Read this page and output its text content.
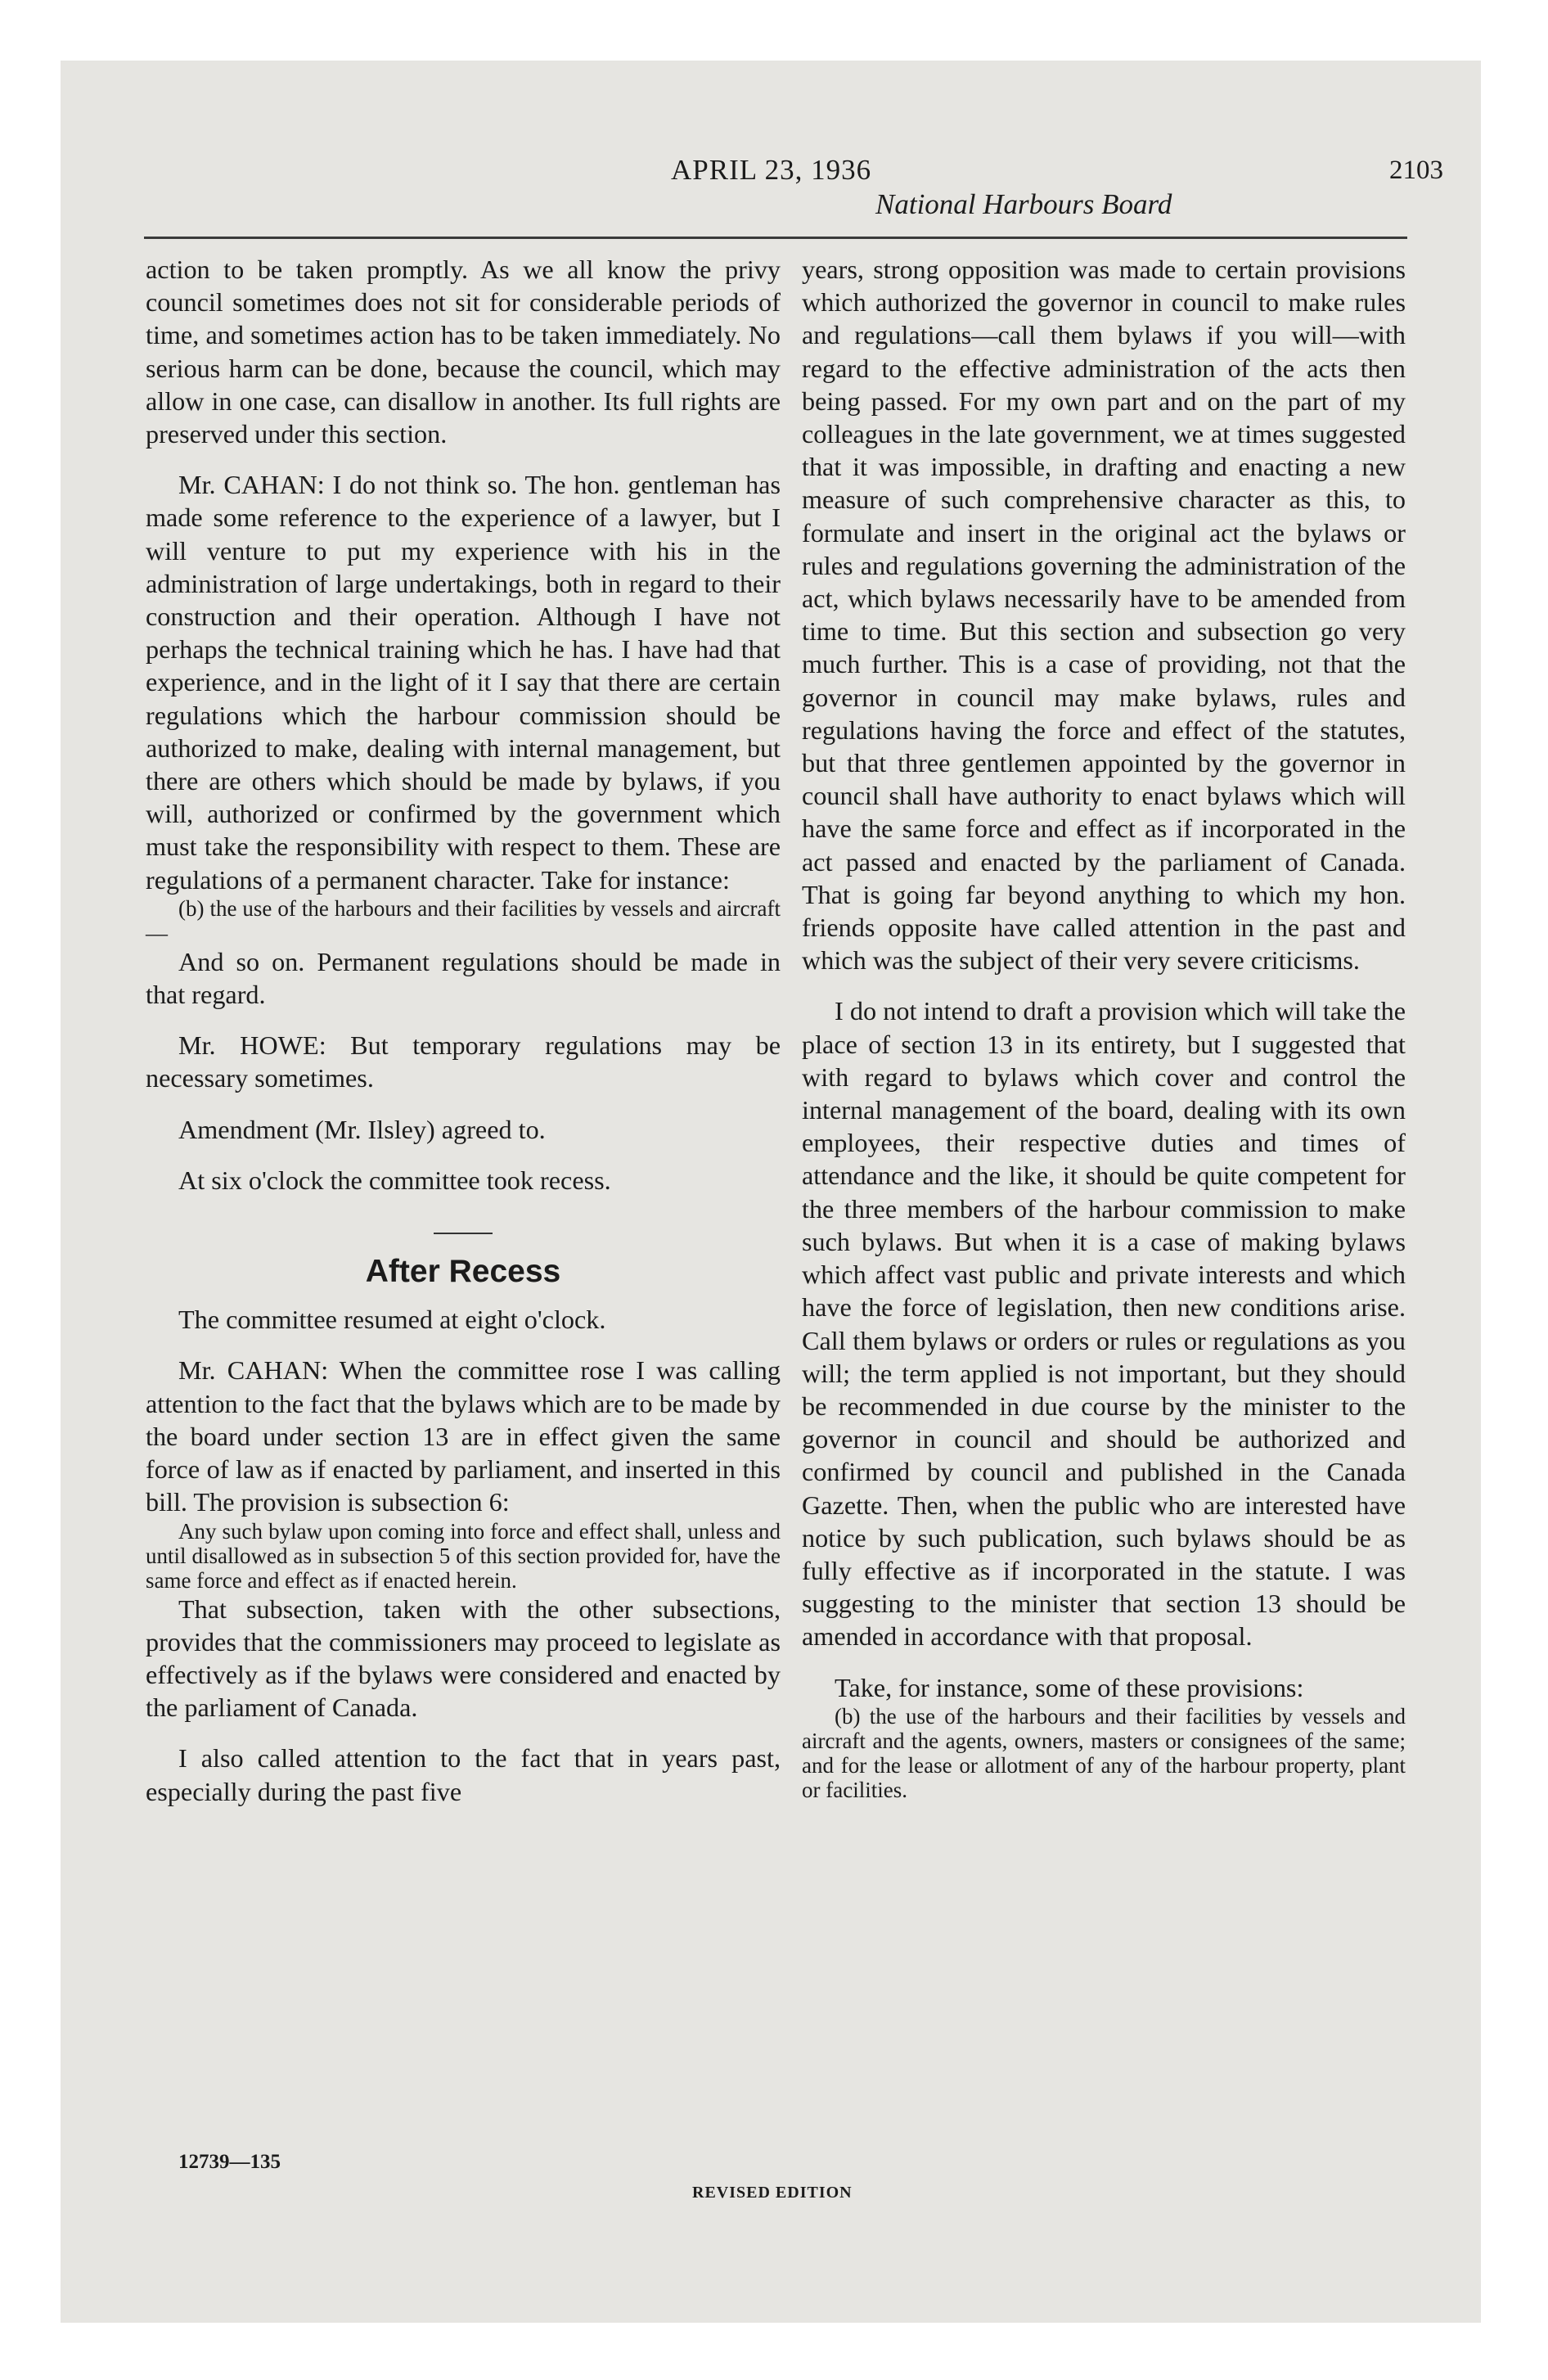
APRIL 23, 1936	2103
National Harbours Board

action to be taken promptly. As we all know the privy council sometimes does not sit for considerable periods of time, and sometimes action has to be taken immediately. No serious harm can be done, because the council, which may allow in one case, can disallow in another. Its full rights are preserved under this section.

Mr. CAHAN: I do not think so. The hon. gentleman has made some reference to the experience of a lawyer, but I will venture to put my experience with his in the administration of large undertakings, both in regard to their construction and their operation. Although I have not perhaps the technical training which he has. I have had that experience, and in the light of it I say that there are certain regulations which the harbour commission should be authorized to make, dealing with internal management, but there are others which should be made by bylaws, if you will, authorized or confirmed by the government which must take the responsibility with respect to them. These are regulations of a permanent character. Take for instance:

(b) the use of the harbours and their facilities by vessels and aircraft—

And so on. Permanent regulations should be made in that regard.

Mr. HOWE: But temporary regulations may be necessary sometimes.

Amendment (Mr. Ilsley) agreed to.

At six o'clock the committee took recess.

After Recess

The committee resumed at eight o'clock.

Mr. CAHAN: When the committee rose I was calling attention to the fact that the bylaws which are to be made by the board under section 13 are in effect given the same force of law as if enacted by parliament, and inserted in this bill. The provision is subsection 6:

Any such bylaw upon coming into force and effect shall, unless and until disallowed as in subsection 5 of this section provided for, have the same force and effect as if enacted herein.

That subsection, taken with the other subsections, provides that the commissioners may proceed to legislate as effectively as if the bylaws were considered and enacted by the parliament of Canada.

I also called attention to the fact that in years past, especially during the past five

years, strong opposition was made to certain provisions which authorized the governor in council to make rules and regulations—call them bylaws if you will—with regard to the effective administration of the acts then being passed. For my own part and on the part of my colleagues in the late government, we at times suggested that it was impossible, in drafting and enacting a new measure of such comprehensive character as this, to formulate and insert in the original act the bylaws or rules and regulations governing the administration of the act, which bylaws necessarily have to be amended from time to time. But this section and subsection go very much further. This is a case of providing, not that the governor in council may make bylaws, rules and regulations having the force and effect of the statutes, but that three gentlemen appointed by the governor in council shall have authority to enact bylaws which will have the same force and effect as if incorporated in the act passed and enacted by the parliament of Canada. That is going far beyond anything to which my hon. friends opposite have called attention in the past and which was the subject of their very severe criticisms.

I do not intend to draft a provision which will take the place of section 13 in its entirety, but I suggested that with regard to bylaws which cover and control the internal management of the board, dealing with its own employees, their respective duties and times of attendance and the like, it should be quite competent for the three members of the harbour commission to make such bylaws. But when it is a case of making bylaws which affect vast public and private interests and which have the force of legislation, then new conditions arise. Call them bylaws or orders or rules or regulations as you will; the term applied is not important, but they should be recommended in due course by the minister to the governor in council and should be authorized and confirmed by council and published in the Canada Gazette. Then, when the public who are interested have notice by such publication, such bylaws should be as fully effective as if incorporated in the statute. I was suggesting to the minister that section 13 should be amended in accordance with that proposal.

Take, for instance, some of these provisions:

(b) the use of the harbours and their facilities by vessels and aircraft and the agents, owners, masters or consignees of the same; and for the lease or allotment of any of the harbour property, plant or facilities.

12739—135
REVISED EDITION
